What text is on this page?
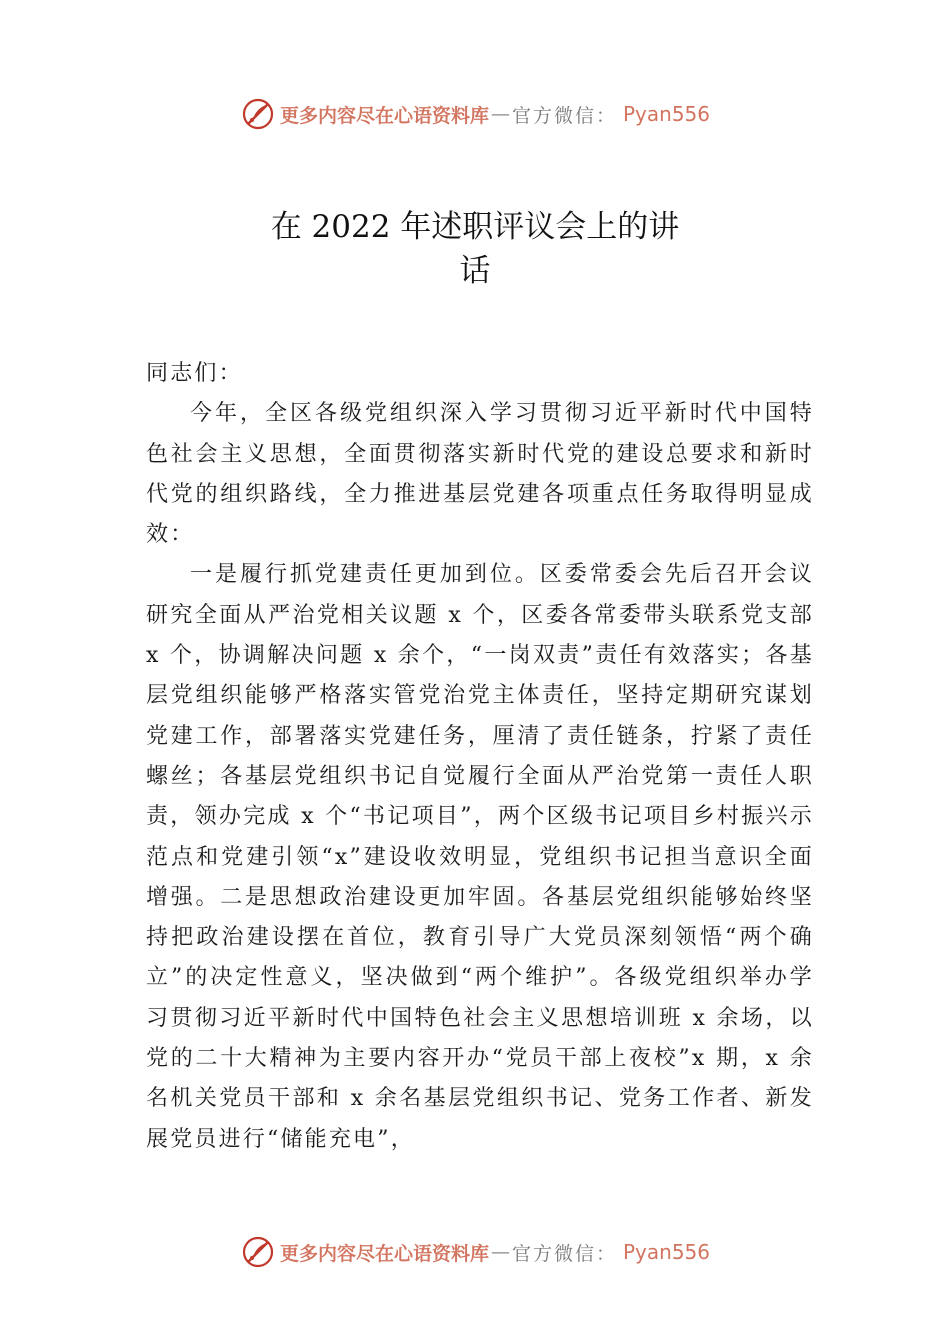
更多内容尽在心语资料库 — 官方微信： Pyan556
在 2022 年述职评议会上的讲
话

同志们：

今年，全区各级党组织深入学习贯彻习近平新时代中国特色社会主义思想，全面贯彻落实新时代党的建设总要求和新时代党的组织路线，全力推进基层党建各项重点任务取得明显成效：

一是履行抓党建责任更加到位。区委常委会先后召开会议研究全面从严治党相关议题 x 个，区委各常委带头联系党支部 x 个，协调解决问题 x 余个，“一岗双责”责任有效落实；各基层党组织能够严格落实管党治党主体责任，坚持定期研究谋划党建工作，部署落实党建任务，厘清了责任链条，拧紧了责任螺丝；各基层党组织书记自觉履行全面从严治党第一责任人职责，领办完成 x 个“书记项目”，两个区级书记项目乡村振兴示范点和党建引领“x”建设收效明显，党组织书记担当意识全面增强。二是思想政治建设更加牢固。各基层党组织能够始终坚持把政治建设摆在首位，教育引导广大党员深刻领悟“两个确立”的决定性意义，坚决做到“两个维护”。各级党组织举办学习贯彻习近平新时代中国特色社会主义思想培训班 x 余场，以党的二十大精神为主要内容开办“党员干部上夜校”x 期，x 余名机关党员干部和 x 余名基层党组织书记、党务工作者、新发展党员进行“储能充电”，

更多内容尽在心语资料库 — 官方微信： Pyan556
